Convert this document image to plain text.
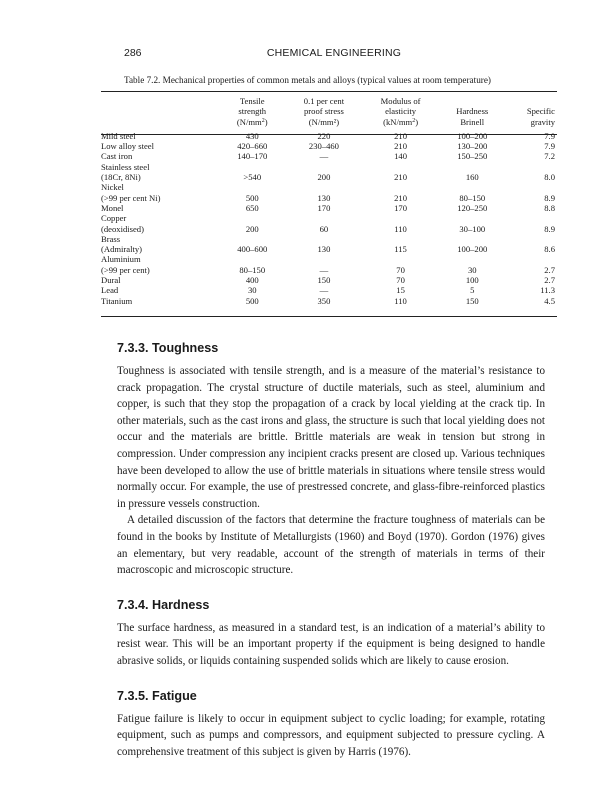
286	CHEMICAL ENGINEERING
Table 7.2. Mechanical properties of common metals and alloys (typical values at room temperature)
	Tensile	0.1 per cent	Modulus of		
	strength	proof stress	elasticity	Hardness	Specific
	$(N/mm^2)$	(N/mm²)	$(kN/mm^2)$	Brinell	gravity
Mild steel	430	220	210	100–200	7.9
Low alloy steel	420–660	230–460	210	130–200	7.9
Cast iron	140–170	—	140	150–250	7.2
Stainless steel					
(18Cr, 8Ni)	>540	200	210	160	8.0
Nickel					
(>99 per cent Ni)	500	130	210	80–150	8.9
Monel	650	170	170	120–250	8.8
Copper					
(deoxidised)	200	60	110	30–100	8.9
Brass					
(Admiralty)	400–600	130	115	100–200	8.6
Aluminium					
(>99 per cent)	80–150	—	70	30	2.7
Dural	400	150	70	100	2.7
Lead	30	—	15	5	11.3
Titanium	500	350	110	150	4.5
7.3.3. Toughness

Toughness is associated with tensile strength, and is a measure of the material’s resistance to crack propagation. The crystal structure of ductile materials, such as steel, aluminium and copper, is such that they stop the propagation of a crack by local yielding at the crack tip. In other materials, such as the cast irons and glass, the structure is such that local yielding does not occur and the materials are brittle. Brittle materials are weak in tension but strong in compression. Under compression any incipient cracks present are closed up. Various techniques have been developed to allow the use of brittle materials in situations where tensile stress would normally occur. For example, the use of prestressed concrete, and glass-fibre-reinforced plastics in pressure vessels construction.

A detailed discussion of the factors that determine the fracture toughness of materials can be found in the books by Institute of Metallurgists (1960) and Boyd (1970). Gordon (1976) gives an elementary, but very readable, account of the strength of materials in terms of their macroscopic and microscopic structure.

7.3.4. Hardness

The surface hardness, as measured in a standard test, is an indication of a material’s ability to resist wear. This will be an important property if the equipment is being designed to handle abrasive solids, or liquids containing suspended solids which are likely to cause erosion.

7.3.5. Fatigue

Fatigue failure is likely to occur in equipment subject to cyclic loading; for example, rotating equipment, such as pumps and compressors, and equipment subjected to pressure cycling. A comprehensive treatment of this subject is given by Harris (1976).
